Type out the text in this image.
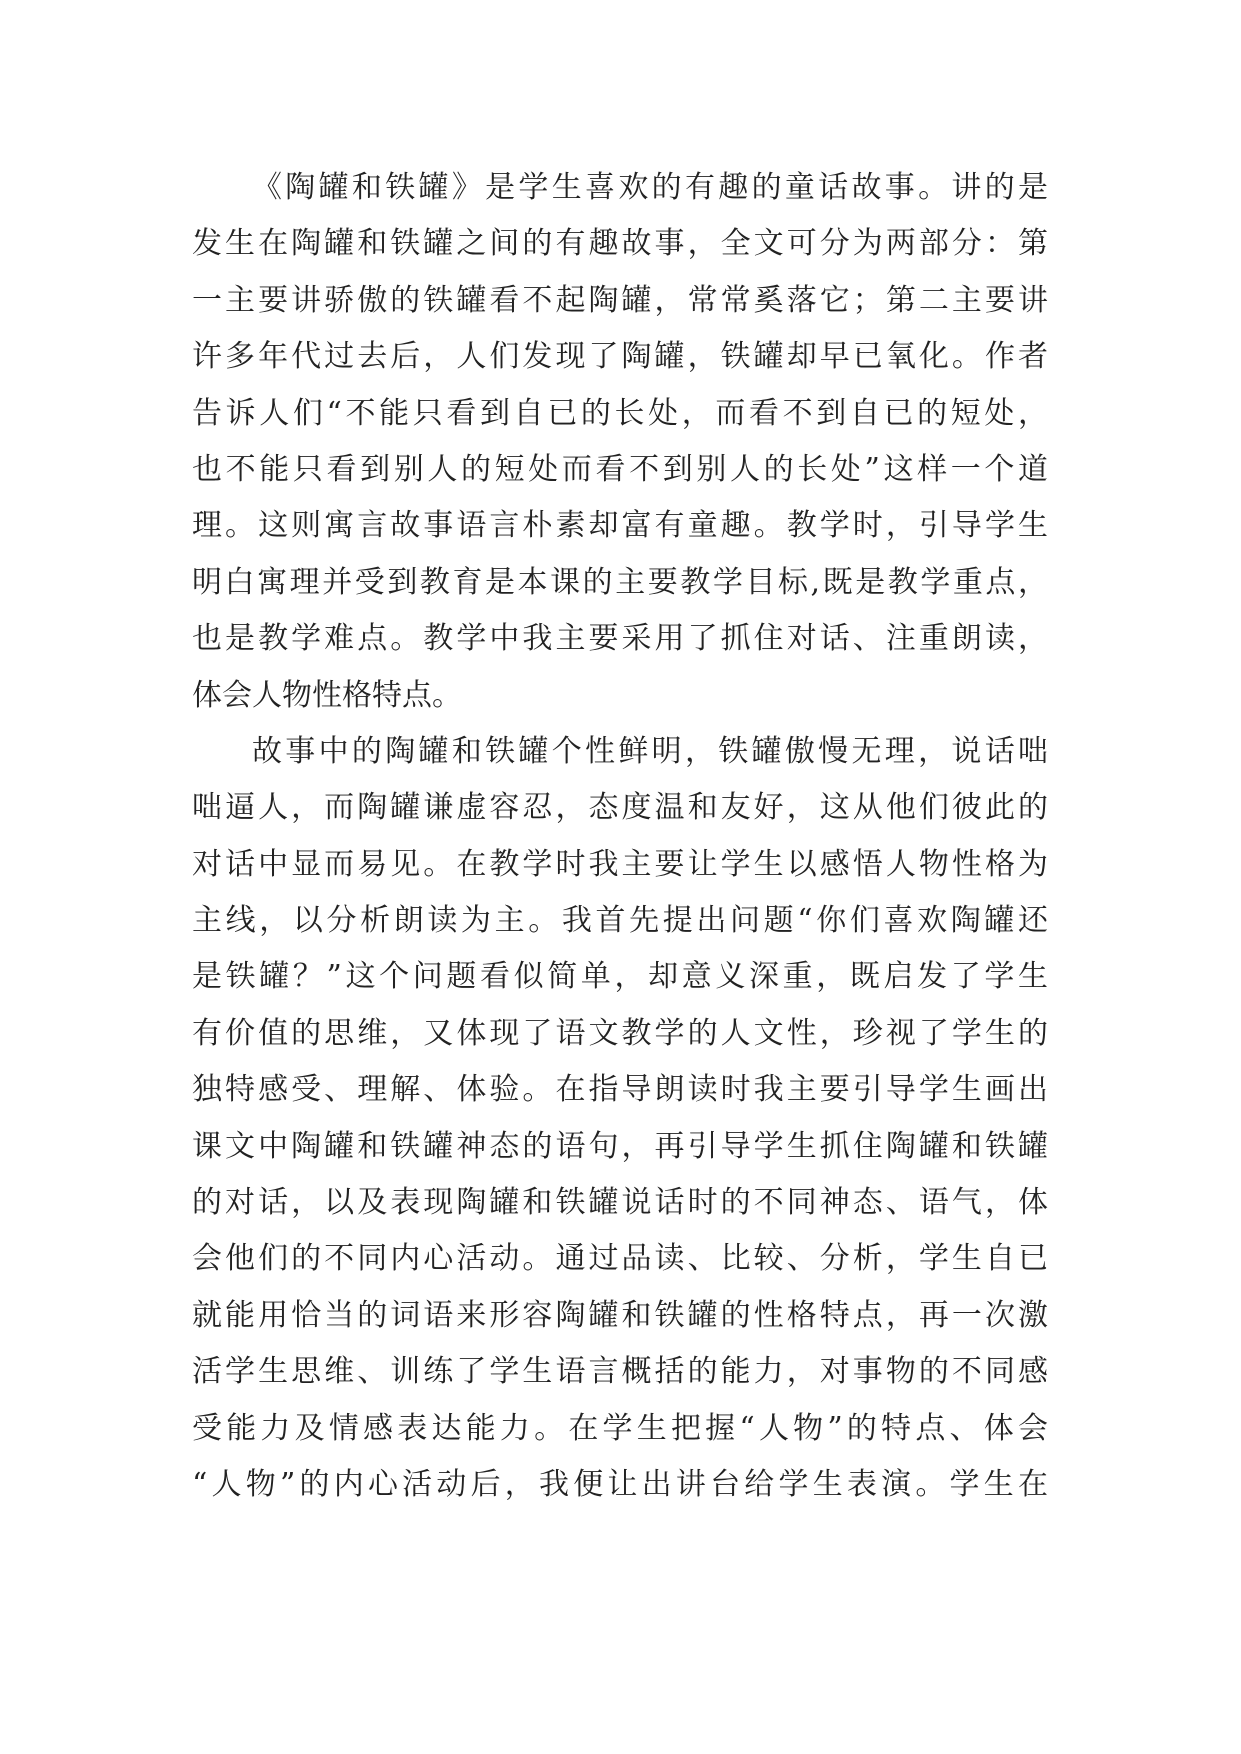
《陶罐和铁罐》是学生喜欢的有趣的童话故事。讲的是
发生在陶罐和铁罐之间的有趣故事，全文可分为两部分：第
一主要讲骄傲的铁罐看不起陶罐，常常奚落它；第二主要讲
许多年代过去后，人们发现了陶罐，铁罐却早已氧化。作者
告诉人们“不能只看到自已的长处，而看不到自已的短处，
也不能只看到别人的短处而看不到别人的长处”这样一个道
理。这则寓言故事语言朴素却富有童趣。教学时，引导学生
明白寓理并受到教育是本课的主要教学目标,既是教学重点，
也是教学难点。教学中我主要采用了抓住对话、注重朗读，
体会人物性格特点。
故事中的陶罐和铁罐个性鲜明，铁罐傲慢无理，说话咄
咄逼人，而陶罐谦虚容忍，态度温和友好，这从他们彼此的
对话中显而易见。在教学时我主要让学生以感悟人物性格为
主线，以分析朗读为主。我首先提出问题“你们喜欢陶罐还
是铁罐？”这个问题看似简单，却意义深重，既启发了学生
有价值的思维，又体现了语文教学的人文性，珍视了学生的
独特感受、理解、体验。在指导朗读时我主要引导学生画出
课文中陶罐和铁罐神态的语句，再引导学生抓住陶罐和铁罐
的对话，以及表现陶罐和铁罐说话时的不同神态、语气，体
会他们的不同内心活动。通过品读、比较、分析，学生自已
就能用恰当的词语来形容陶罐和铁罐的性格特点，再一次激
活学生思维、训练了学生语言概括的能力，对事物的不同感
受能力及情感表达能力。在学生把握“人物”的特点、体会
“人物”的内心活动后，我便让出讲台给学生表演。学生在
